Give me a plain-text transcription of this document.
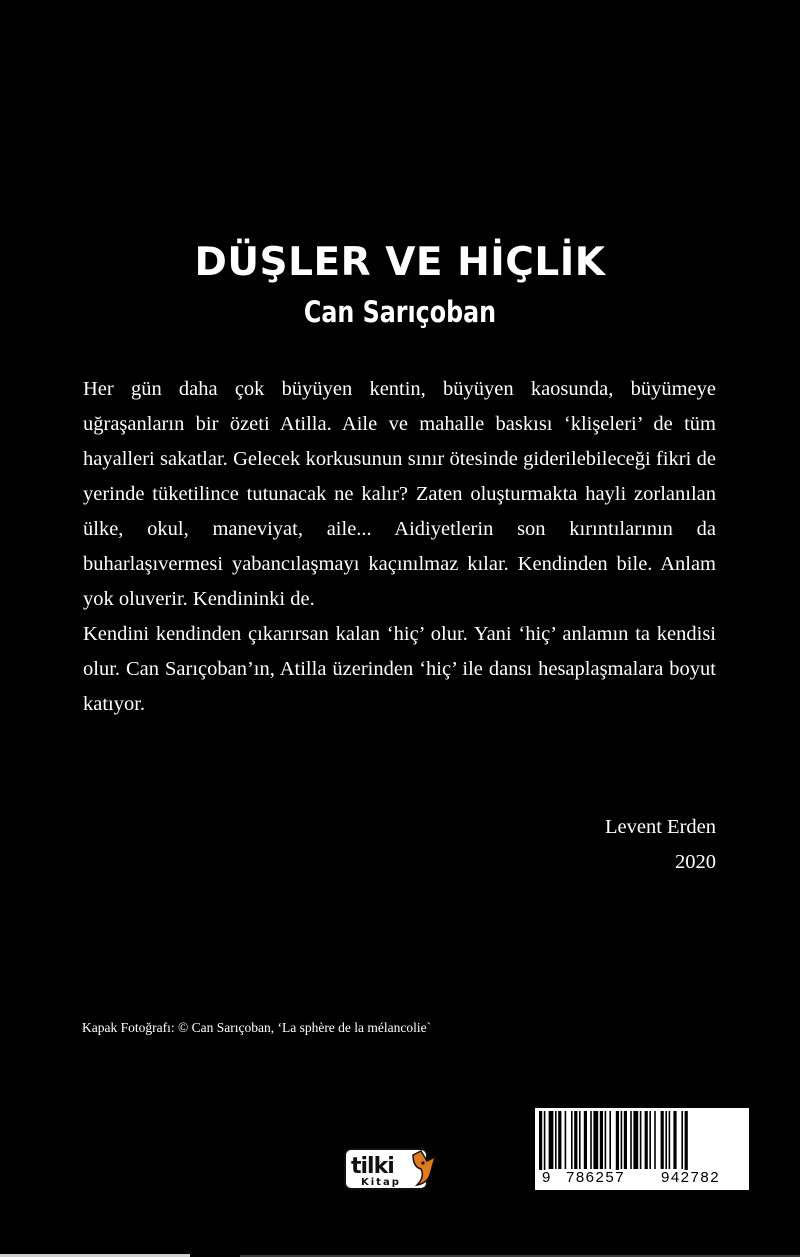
DÜŞLER VE HİÇLİK
Can Sarıçoban

Her gün daha çok büyüyen kentin, büyüyen kaosunda, büyümeye uğraşanların bir özeti Atilla. Aile ve mahalle baskısı ‘klişeleri’ de tüm hayalleri sakatlar. Gelecek korkusunun sınır ötesinde giderilebileceği fikri de yerinde tüketilince tutunacak ne kalır? Zaten oluşturmakta hayli zorlanılan ülke, okul, maneviyat, aile... Aidiyetlerin son kırıntılarının da buharlaşıvermesi yabancılaşmayı kaçınılmaz kılar. Kendinden bile. Anlam yok oluverir. Kendininki de.

Kendini kendinden çıkarırsan kalan ‘hiç’ olur. Yani ‘hiç’ anlamın ta kendisi olur. Can Sarıçoban’ın, Atilla üzerinden ‘hiç’ ile dansı hesaplaşmalara boyut katıyor.

Levent Erden
2020
Kapak Fotoğrafı: © Can Sarıçoban, ‘La sphère de la mélancolie`
tilki
Kitap	9 786257 942782
